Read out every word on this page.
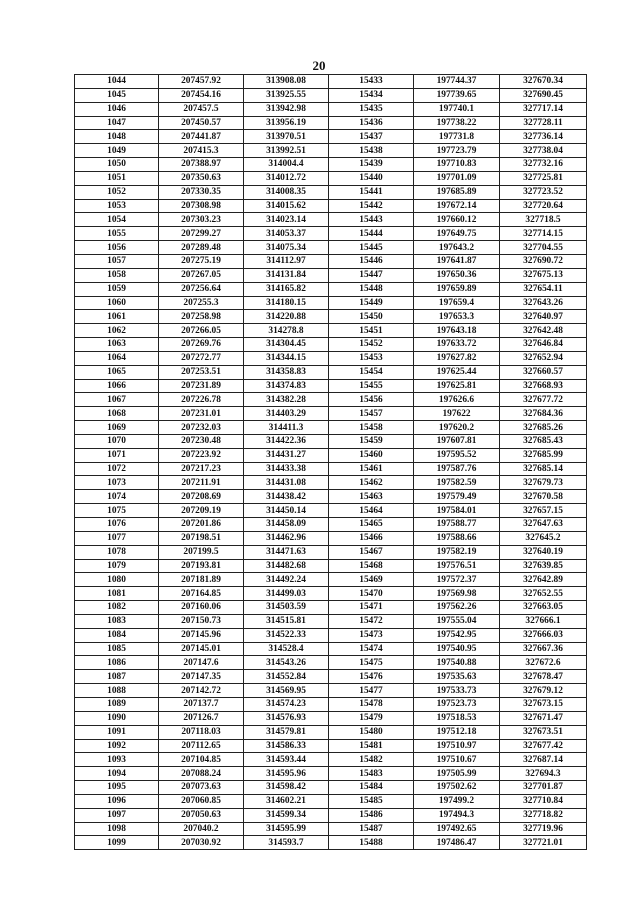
20
1044	207457.92	313908.08	15433	197744.37	327670.34
1045	207454.16	313925.55	15434	197739.65	327690.45
1046	207457.5	313942.98	15435	197740.1	327717.14
1047	207450.57	313956.19	15436	197738.22	327728.11
1048	207441.87	313970.51	15437	197731.8	327736.14
1049	207415.3	313992.51	15438	197723.79	327738.04
1050	207388.97	314004.4	15439	197710.83	327732.16
1051	207350.63	314012.72	15440	197701.09	327725.81
1052	207330.35	314008.35	15441	197685.89	327723.52
1053	207308.98	314015.62	15442	197672.14	327720.64
1054	207303.23	314023.14	15443	197660.12	327718.5
1055	207299.27	314053.37	15444	197649.75	327714.15
1056	207289.48	314075.34	15445	197643.2	327704.55
1057	207275.19	314112.97	15446	197641.87	327690.72
1058	207267.05	314131.84	15447	197650.36	327675.13
1059	207256.64	314165.82	15448	197659.89	327654.11
1060	207255.3	314180.15	15449	197659.4	327643.26
1061	207258.98	314220.88	15450	197653.3	327640.97
1062	207266.05	314278.8	15451	197643.18	327642.48
1063	207269.76	314304.45	15452	197633.72	327646.84
1064	207272.77	314344.15	15453	197627.82	327652.94
1065	207253.51	314358.83	15454	197625.44	327660.57
1066	207231.89	314374.83	15455	197625.81	327668.93
1067	207226.78	314382.28	15456	197626.6	327677.72
1068	207231.01	314403.29	15457	197622	327684.36
1069	207232.03	314411.3	15458	197620.2	327685.26
1070	207230.48	314422.36	15459	197607.81	327685.43
1071	207223.92	314431.27	15460	197595.52	327685.99
1072	207217.23	314433.38	15461	197587.76	327685.14
1073	207211.91	314431.08	15462	197582.59	327679.73
1074	207208.69	314438.42	15463	197579.49	327670.58
1075	207209.19	314450.14	15464	197584.01	327657.15
1076	207201.86	314458.09	15465	197588.77	327647.63
1077	207198.51	314462.96	15466	197588.66	327645.2
1078	207199.5	314471.63	15467	197582.19	327640.19
1079	207193.81	314482.68	15468	197576.51	327639.85
1080	207181.89	314492.24	15469	197572.37	327642.89
1081	207164.85	314499.03	15470	197569.98	327652.55
1082	207160.06	314503.59	15471	197562.26	327663.05
1083	207150.73	314515.81	15472	197555.04	327666.1
1084	207145.96	314522.33	15473	197542.95	327666.03
1085	207145.01	314528.4	15474	197540.95	327667.36
1086	207147.6	314543.26	15475	197540.88	327672.6
1087	207147.35	314552.84	15476	197535.63	327678.47
1088	207142.72	314569.95	15477	197533.73	327679.12
1089	207137.7	314574.23	15478	197523.73	327673.15
1090	207126.7	314576.93	15479	197518.53	327671.47
1091	207118.03	314579.81	15480	197512.18	327673.51
1092	207112.65	314586.33	15481	197510.97	327677.42
1093	207104.85	314593.44	15482	197510.67	327687.14
1094	207088.24	314595.96	15483	197505.99	327694.3
1095	207073.63	314598.42	15484	197502.62	327701.87
1096	207060.85	314602.21	15485	197499.2	327710.84
1097	207050.63	314599.34	15486	197494.3	327718.82
1098	207040.2	314595.99	15487	197492.65	327719.96
1099	207030.92	314593.7	15488	197486.47	327721.01
